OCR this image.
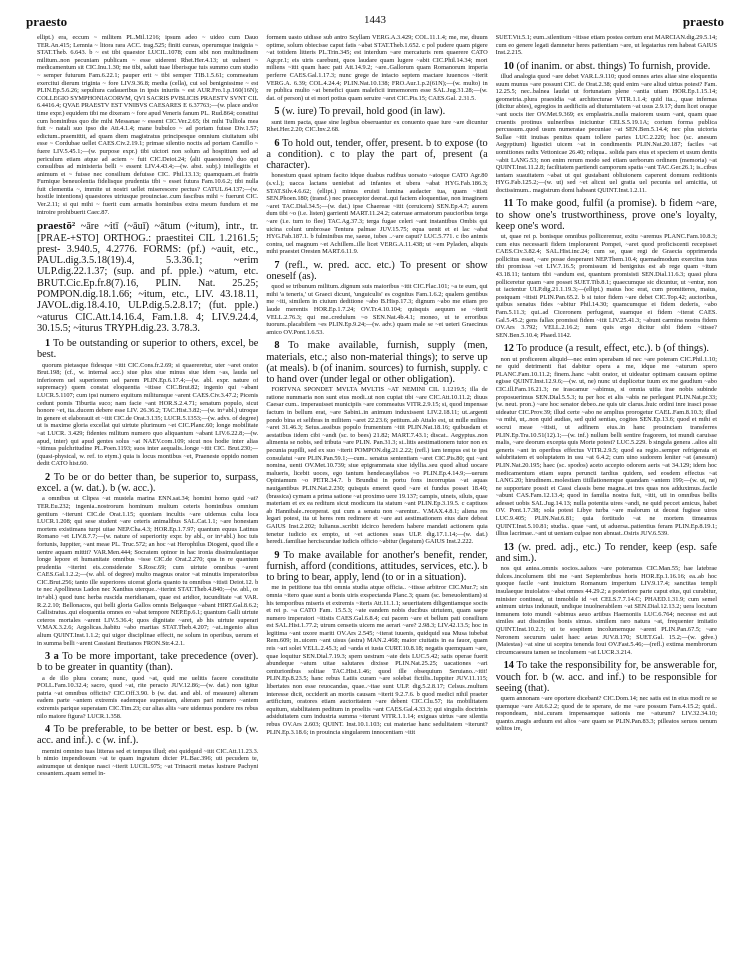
praesto	1443	praesto

ellipt.) era, eccum ~ militem PL.Mil.1216; ipsum adeo ~ uideo cum Dauo TER.An.415; Lemnia ~ litora rara ACC. trag.525; finiti cursus, operumque insignia ~ STAT.Theb. 6.643. b ~ est tibi quaestor LUCIL.1078; cum sibi non multitudinem militum..non pecuniam publicam ~ esse uiderent Rhet.Her.4.13; ut uulneri ~ medicamentum sit CIC.Inu.1.30; me tibi, saluti tuae liberisque tuis summo cum studio ~ semper futurum Fam.6.22.1; pauper erit ~ tibi semper TIB.1.5.61; commeatum exercitui dierum triginta ~ fore LIV.9.36.8; media (cella), cui sol benignissime ~ est PLIN.Ep.5.6.26; sepultura cadaueribus in ipsis iniuriis ~ est AUR.Fro.1.p.160(16N); COLLEGIO SYMPHONIACORVM, QVI SACRIS PVBLICIS PRAESTV SVNT CIL 6.4416.4; QVAE PRAESTV EST VNIBVS CAESARES E 6.37763;—(w. place and/or time expr.) equidem tibi me dixeram ~ fore apud Veneris fanum PL. Rud.864; constitui cum hominibus quo die mihi Messanae ~ essent CIC.Ver.2.65; ibi mihi Tulliola mea fuit ~ natali suo ipso die Att.4.1.4; mane bubulco ~ ad portam fuisse Div.1.57; edictum..praemittit, ad quam diem magistratus principesque omnium ciuitatum sibi esse ~ Cordubae uellet CAES.Civ.2.19.1; primae silentio noctis ad portam Camillo ~ fuere LIV.5.45.1;—(w. purpose expr.) tibi uictori non solum ad hospitium sed ad periculum etiam atque ad aciem ~ fuit CIC.Deiot.24; ⟨alii quaestores⟩ duo qui consulibus ad ministeria belli ~ essent LIV.4.43.4;—(w. abst. subj.) intellegitis et animum ei ~ fuisse nec consilium defuisse CIC. Phil.13.13; quamquam..et fratris Furnique beneuolentia fidelisque prudentia tibi ~ esset futura Fam.10.6.2; tibi nulla fuit clementia ~, immite ut nostri uellet miserescere pectus? CATUL.64.137;—(w. hostile intentions) quaestores utriusque prouinciae..cum fascibus mihi ~ fuerunt CIC. Ver.2.11; si qui mihi ~ fuerit cum armatis hominibus extra meum fundum et me introire prohibuerit Caec.87.

praestō² ~āre ~itī (~āuī) ~ātum (~itum), intr., tr. [PRAE-+STO] ORTHOG.: praestitei CIL 1.2161.5; prest- 3.940.5, 4.2776. FORMS: (pf.) ~auit, etc., PAUL.dig.3.5.18(19).4, 5.3.36.1; ~erim ULP.dig.22.1.37; (sup. and pf. pple.) ~atum, etc. BRUT.Cic.Ep.fr.8(7).16, PLIN. Nat. 25.25; POMPON.dig.18.1.66; ~itum, etc., LIV. 43.18.11, JAVOL.dig.18.4.10, ULP.dig.5.2.8.17; (fut. pple.) ~aturus CIC.Att.14.16.4, Fam.1.8. 4; LIV.9.24.4, 30.15.5; ~iturus TRYPH.dig.23. 3.78.3.

1 To be outstanding or superior to others, excel, be best.

quorum pietasque fidesque ~itit CIC.Cons.fr.2.69; si quaereretur, uter ~aret orator Brut.198; (cf., w. internal acc.) siue plus siue minus siue idem ~as, lauda uel inferiorem uel superiorem uel parem PLIN.Ep.6.17.4;—(w. abl. expr. nature of supremacy) quem constat eloquentia ~itisse CIC.Brut.82; ingenio qui ~abant LUCR.5.1107; cum ipsi numero equitum militumque ~arent CAES.Civ.3.47.2; Picenis cedunt pomis Tiburtia suco; nam facie ~ant HOR.S.2.4.71; senatum populo, sicut honore ~et, ita..ducem debere esse LIV. 26.36.2; TAC.Hist.3.82;—(w. in+abl.) utroque in genere et elaborauit et ~itit CIC.de Orat.3.135; LUCR.5.1353;—(w. advs. of degree) ut is maxime gloria excellat qui uirtute plurimum ~et CIC.Planc.60; longe mobilitate ~at LUCR. 3.429; fidentes militum numero quo aliquantum ~abant LIV.6.22.8;—(w. apud, inter) qui apud gentes solus ~at NAEV.com.109; sicut nos hodie inter alias ~itimus pulchritudine PL.Poen.1193; suos inter aequalis..longe ~itit CIC. Brut.230;—(quasi-physical, w. ref. to etym.) quia is locus montibus ~et, Praeneste oppido nomen dedit CATO hist.60.

2 To be or do better than, be superior to, surpass, excel. a (w. dat.). b (w. acc.).

a omnibus ut Clipea ~at mustela marina ENN.sat.34; homini homo quid ~at? TER.Eu.232; ingenia..nostrorum hominum multum ceteris hominibus omnium gentium ~iterunt CIC.de Orat.1.15; quoniam incultis ~are uidemus culta loca LUCR.1.208; qui sese student ~are ceteris animalibus SAL.Cat.1.1; ~are honestam mortem existimans turpi uitae NEP.Cha.4.3; HOR.Ep.1.7.97; quantum equus Latinus Romano ~et LIV.8.7.7;—(w. nature of superiority expr. by abl., or in+abl.) hoc tuis fortunis, Iuppiter, ~ant meae PL. Truc.572; an hoc ~at Herophilus Diogeni, quod ille e uentre aquam mittit? VAR.Men.444; Socratem opinor in hac ironia dissimulantiaque longe lepore et humanitate omnibus ~isse CIC.de Orat.2.270; qua in re quantum prudentia ~iterint eis..considerate S.Rosc.69; cum uirtute omnibus ~arent CAES.Gal.1.2.2;—(w. abl. of degree) multo magnus orator ~at minutis imperatoribus CIC.Brut.256; tanto ille superiores uicerat gloria quanto tu omnibus ~itisti Deiot.12. b te nec Apollineus Ladon nec Xanthus uterque..~iterint STAT.Theb.4.840;—(w. abl., or in+abl.) quod tunc herba ruscida meridianam, quae est aridior, iucunditate ~at VAR. R.2.2.10; Bellonacos, qui belli gloria Gallos omnis Belgasque ~abant HIRT.Gal.8.6.2; Callistratus..qui eloquentia omnes eo ~abat tempore NEP.Ep.6.1; quantum Galli uirtute ceteros mortales ~arent LIV.5.36.4; quos dignitate ~aret, ab his uirtute superari V.MAX.3.2.6; Argolicas..habitu ~abo maritas STAT.Theb.4.207; ~at..ingenio alius alium QUINT.Inst.1.1.2; qui uigor disciplinae effecit, ne solum in operibus, uerum et in summa belli ~arent Cassiani Brutianos FRON.Str.4.2.1.

3 a To be more important, take precedence (over). b to be greater in quantity (than).

a de illo plura coram; nunc, quod ~at, quid me uelitis facere constituite POLL.Fam.10.32.4; sacro, quod ~at, rite peracto JUV.12.86;—(w. dat.) non igitur patria ~at omnibus officiis? CIC.Off.3.90. b (w. dat. and abl. of measure) alteram eadem parte ~antem extremis eademque superatam, alteram pari numero ~antem extremis parique superatam CIC.Tim.23; cur alias aliis ~are uidemus pondere res rebus nilo maiore figura? LUCR.1.358.

4 To be preferable, to be better or best. esp. b (w. acc. and inf.). c (w. inf.).

memini omnino tuas litteras sed et tempus illud; etsi quidquid ~itit CIC.Att.11.23.3. b nimio impendiosum ~at te quam ingratum dicier PL.Bac.396; uti pecudem te, asinumque ut denique nasci ~iterit LUCIL.975; ~at Trinacrii metas lustrare Pachyni cessantem..quam semel in-

formem uasto uidisse sub antro Scyllam VERG.A.3.429; COL.11.1.4; me, me, diuum optime, solum obiecisse caput fatis ~abat STAT.Theb.1.652. c pol pudere quam pigere ~at totidem litteris PL.Trin.345; est interdum ~are mercaturis rem quaerere CATO Agr.pr.1; eis uiris carebunt, quos laudare quam lugere ~abit CIC.Phil.14.34; mori miliens ~itit quam haec pati Att.14.9.2; ~are..Gallorum quam Romanorum imperia perferre CAES.Gal.1.17.3; nunc grege de intacto septem mactare iuuencos ~iterit VERG.A. 6.39; COL.4.24.4; PLIN.Nat.10.138; FRO.Aur.1.p.2(61N);—(w. multo) in re publica multo ~at benefici quam maleficii inmemorem esse SAL.Jug.31.28;—(w. dat. of person) ut ei mori potius quam seruire ~aret CIC.Pis.15; CAES.Gal. 2.31.5.

5 (w. iure) To prevail, hold good (in law).

sunt item pacta, quae sine legibus obseruantur ex conuento quae iure ~are dicuntur Rhet.Her.2.20; CIC.Inv.2.68.

6 To hold out, tender, offer, present. b to expose (to a condition). c to play the part of, present (a character).

honestum quasi spiram facito idque duabus rudibus uorsato ~atoque CATO Agr.80 (s.v.l.); uacca lactans ueniebat ad infantes et ubera ~abat HYG.Fab.186.3; STAT.Silv.4.6.62; (ellipt.) minus eruisti lumina audacter tua, quam ~itisti SEN.Phoen.180; (transf.) nec praeceptor deerat..qui faciem eloquentiae, non imaginem ~aret TAC.Dial.34.5;—(w. dat.) ipse Chaereae ~itit (ceruicem) SEN.Ep.4.7; aurem dum tibi ~o (i.e. listen) garrienti MART.11.24.2; cateruae armatorum paucioribus terga ~are (i.e. turn to flee) TAC.Ag.37.3; terga fugae celeri ~ant instantibus Ombis qui uicina colunt umbrosae Tentura palmae JUV.15.75; equa uenit et ei lac ~abat HYG.Fab.187.1. b fulminibus me, saeue, iubes ..~are caput? LUC.5.771. c ibo animis contra, uel magnum ~et Achillem..ille licet VERG.A.11.438; ut ~em Pyladen, aliquis mihi praestet Oresten MART.6.11.9.

7 (refl., w. pred. acc. etc.) To present or show oneself (as).

quod se tribunum militum..dignum suis maioribus ~itit CIC.Flac.101; ~a te eum, qui mihi 'a teneris,' ut Graeci dicunt, 'unguiculis' es cognitus Fam.1.6.2; qualem gentibus me ~iti, similem in ciuium deditione ~abo B.Hisp.17.3; dignum ~abo me etiam pro laude merentis HOR.Ep.1.7.24; OV.Tr.4.10.104; quisquis aequum se ~iterit VELL.2.76.3; qui me..credulum ~o SEN.Nat.4b.4.1; moneo, ut te erroribus tuorum..placabilem ~es PLIN.Ep.9.24;—(w. adv.) quam male se ~et ueteri Graecinus amico OV.Pont.1.6.53.

8 To make available, furnish, supply (men, materials, etc.; also non-material things); to serve up (at meals). b (of inanim. sources) to furnish, supply. c to hand over (under legal or other obligation).

FORTVNA SPONDET MVLTA MVLTIS ~AT NEMINI CIL 1.1219.5; illa de ratione nummaria non sunt eius modi..ut non cupiat tibi ~are CIC.Att.10.11.2; diuus Caesar cum.. imperauisset municipiis ~are commeatus VITR.2.9.15; si, quod impensae factum in bellum erat, ~are Sabini..in animum induxissent LIV.2.18.11; ut..argenti pondo bina et selibras in militem ~aret 22.23.6; petitum..ab Attalo est, ut mille milites ~aret 31.46.3; Seius..assibus populo frumentum ~itit PLIN.Nat.18.16; quibusdam et aestatibus iidem cibi ~andi (sc. to bees) 21.82; MART.7.43.1; discat.. Aegyptus..non alimenta se nobis, sed tributa ~are PLIN. Pan.31.3; si..litis aestimationem tutor non ex pecunia pupilli, sed ex suo ~iterit POMPON.dig.21.2.22; (refl.) iam tempus est te ipsi consulatui ~are PLIN.Pan.59.1;—cum.. senatus sententiam ~aret CIC.Pis.80; qui ~ant nomina, uenti OV.Met.10.739; siue epigrammata siue idyllia..seu quod aliud uocare malueris, licebit uoces, ego tantum hendecasyllabos ~o PLIN.Ep.4.14.9;—uerum Opiniamum ~o PETR.34.7. b Brundisi in portu fons incorruptas ~at aquas nauigantibus PLIN.Nat.2.230; quisquis emeret quod ~are ei fundus posset 18.40; (brassica) cymam a prima satione ~at proximo uere 19.137; campis, uineis, siluis, quae materiam et ex ea reditum sicut modicum ita statum ~ant PLIN.Ep.3.19.5. c captiuos ab Hannibale..receperat. qui cum a senatu non ~arentur.. V.MAX.4.8.1; aliena res legari potest, ita ut heres rem redimere et ~are aut aestimationem eius dare debeat GAIUS Inst.2.202; Iulianus..scribit idcirco heredem habere mandati actionem quia tenetur iudicio ex empto, ut ~et actiones suas ULP. dig.17.1.14;—(w. dat.) heredi..familiae herciscundae iudicis officio ~abitur (legatum) GAIUS Inst.2.222.

9 To make available for another's benefit, render, furnish, afford (conditions, attitudes, services, etc.). b to bring to bear, apply, lend (to or in a situation).

me in petitione tua tibi omnia studia atque officia.. ~itisse arbitror CIC.Mur.7; sin omnia ~itero quae sunt a bonis uiris exspectanda Planc.3; quam (sc. beneuolentiam) si his temporibus miseris et extremis ~iteris Att.11.1.1; seueritatem diligentiamque sociis et rei p. ~a CATO Fam. 15.5.3; ~ate eandem nobis ducibus uirtutem, quam saepe numero imperatori ~itistis CAES.Gal.6.8.4; cui pacem ~are et bellum pati consilium est SAL.Hist.1.77.2; utrum censetis uicem me aerari ~are? 2.98.3; LIV.42.13.5; hoc in legitima ~ant uxore mariti OV.Ars 2.545; ~iterat iuuenis, quidquid sua Musa iubebat Rem.609; in..uicem ~ant uisus (astra) MAN.2.468; maior ciuitatis in ea fauor, quam reis ~ari solet VELL.2.45.3; ad ~anda ei iusta CURT.10.8.18; negatis quemquam ~are, quae loquitur SEN.Dial.7.19.3; spem uestram ~ate deis LUC.5.42; satis operae fuerit abundeque ~atum uitae salutares dixisse PLIN.Nat.25.25; uacationes ~ari centurionibus solitae TAC.Hist.1.46; quod ille obsequium Seruiano..~itit! PLIN.Ep.8.23.5; hanc rebus Latiis curam ~are solebat fictilis..Iuppiter JUV.11.115; libertates non esse reuocandas, quae..~itae sunt ULP. dig.5.2.8.17; Celsus..multum interesse dicit, occiderit an mortis causam ~iterit 9.2.7.6. b quod medici nihil praeter artificium, oratores etiam auctoritatem ~are debent CIC.Clu.57; ita mobilitatem equitum, stabilitatem peditum in proeliis ~ant CAES.Gal.4.33.3; qui singulis doctrinis adsiduitatem cum industria summa ~iterunt VITR.1.1.14; exiguas uirtus ~are silentia rebus OV.Ars 2.603; QUINT. Inst.10.1.103; cui materiae hanc sedulitatem ~iterunt? PLIN.Ep.3.18.6; in prouincia singularem innocentiam ~itit

SUET.Vit.5.1; eum..silentium ~itisse etiam postea certum erat MARCIAN.dig.29.5.14; cum eo genere legati damnetur heres patientiam ~are, ut legatarius rem habeat GAIUS Inst.2.215.

10 (of inanim. or abst. things) To furnish, provide.

illud analogia quod ~are debet VAR.L.9.110; quod omnes artes aliae sine eloquentia suum munus ~are possunt CIC. de Orat.2.38; quid enim ~are aliud uirtus potest? Fam. 12.25.5; nec..balnea laudat ut fortunatam plene ~antia uitam HOR.Ep.1.15.14; geometria..plura praesidia ~at architecturae VITR.1.1.4; quid ita.., quae infernas (dicitur abies), egregios in aedificiis ad diuturnitatem ~at usus 2.9.17; dum licet oraque ~ant uocis iter OV.Met.9.369; ex emplastris..nulla maiorem usum ~ant, quam quae cruentis protinus uulneribus iniciuntur CELS.5.19.1A; corium forma publica percussum..quod usum numeratae pecuniae ~at SEN.Ben.5.14.4; nec plus uictoria Sullae ~itit inuisas penitus quam tollere partes LUC.2.220; hoc (sc. anesum Aegyptium) ligustici uicem ~at in condimentis PLIN.Nat.20.187; faciles ~at uomitiones radix Vettonicae 26.40; reliqua.. solida pars eius et speciem et usum dentis ~abit LANG.53; non enim rerum modo sed etiam uerborum ordinem (memoria) ~at QUINT.Inst.11.2.8; facilitatem partiendi camporum spatia ~ant TAC.Ger.26.1; is..cibus tantam suauitatem ~abat ut qui gustabant obliuionem caperent domum reditionis HYG.Fab.125.2;—(w. ut) sed ~et alicui uel gratia uel pecunia uel amicitia, ut doctissimum.. magistrum domi habeant QUINT.Inst.1.2.11.

11 To make good, fulfil (a promise). b fidem ~are, to show one's trustworthiness, prove one's loyalty, keep one's word.

ut, quae rei p. bonisque omnibus polliceremur, exitu ~aremus PLANC.Fam.10.8.3; cum eius necessarii fidem implorarent Pompei, ~aret quod proficiscenti recepisset CAES.Civ.3.82.4; SAL.Hist.inc.24; cum se, quae regi de Graecia opprimenda pollicitus esset, ~are posse desperaret NEP.Them.10.4; quemadmodum exercitus tuus tibi promissa ~et LIV.7.16.5; promissum id benignius est ab rege quam ~itum 43.18.11; tantum tibi ~andum est, quantum promisisti SEN.Dial.11.6.3; quasi plura polliceretur quam ~are posset SUET.Tib.8.1; quaecumque sic dicuntur, ut ~entur, non ut iactentur ULP.dig.21.1.19.3;—(ellipt.) maius hoc erat, cum promitteres, maius, postquam ~itisti PLIN.Pan.65.2. b si tutor fidem ~are debet CIC.Top.42; auctoribus, quibus senatus fides ~abitur Phil.14.30; quamcumque ei fidem dederis, ~abo Fam.5.11.3; qui..ad Ciceronem perfugerat, suamque ei fidem ~iterat CAES. Gal.5.45.2; gens fallax promissi fidem ~itit LIV.25.41.3; ~abunt carmina nostra fidem OV.Ars 3.792; VELL.2.16.2; num quis ergo dicitur sibi fidem ~itisse? SEN.Ben.5.10.4; Phaed.1142.

12 To produce (a result, effect, etc.). b (of things).

non ut proficerem aliquid—nec enim sperabam id nec ~are poteram CIC.Phil.1.10; ne quid detrimenti fiat dabitur opera a me, idque me ~aturum spero PLANC.Fam.10.11.2; finem..hanc ~abit orator, ut uideatur optimam causam optime egisse QUINT.Inst.12.9.6;—(w. ut, ne) nunc ut duplicetur tuum ex me gaudium ~abo CIC.ill.Fam.16.21.3; ne irascamur ~abimus, si omnia uitia irae nobis subinde proposuerimus SEN.Dial.5.5.3; tu per hoc et alis ~abis ne perlegant PLIN.Nat.pr.33; (w. neut. pron.) ~are hoc senator debeo..ne quis uir clarus..huic ordini inre irasci posse uideatur CIC.Prov.39; illud certe ~abo ne amplius prorogetur CAEL.Fam.8.10.3; illud ~a mihi, ut,..non quid audias, sed quid sentias, cogites SEN.Ep.13.6; quod et mihi et socrui meae ~itisti, ut adfinem eius..in hanc prouinciam transferres PLIN.Ep.Tra.10.51(12).1;—(w. inf.) nullum belli sentire fragorem, tot mundi caruisse malis, ~are deorum excepta quis Morte potest? LUC.5.229. b singula genera ..alios alii generis ~ant in operibus effectus VITR.2.9.5; quod ea regio..semper refrigerata et salubritatem et uoluptatem in usu ~at 6.4.2; cum uino sudorem leniter ~at (anesum) PLIN.Nat.20.195; haec (sc. spodos) aceto accepto odorem aeris ~at 34.129; idem hoc medicamentum etiam supra peruncti tardius quidem, sed eosdem effectus ~at LANG.20; hirudinem..molestiam titillationemque quandam ~antem 199;—(w. ut, ne) ne supportare possit et Cassi classis bene magna..et tres quas nos adduximus..facile ~abunt CAS.Fam.12.13.4; quod in familia nostra fuit, ~itit, uti in omnibus bellis adesset uobis SAL.Jug.14.13; nulla potentia uires ~andi, ne quid peccet amicus, habet OV. Pont.1.7.38; sola potest Libye turba ~are malorum ut deceat fugisse uiros LUC.9.405; PLIN.Nat.6.81; quia fortitudo ~at ne mortem timeamus QUINT.Inst.5.10.81; studia.. quae ~ant, ut aduersa..patientius feram PLIN.Ep.8.19.1; illius lacrimae..~ant ut ueniam culpae non abnuat..Osiris JUV.6.539.

13 (w. pred. adj., etc.) To render, keep (esp. safe and sim.).

nos qui antea..omnis socios..saluos ~are poteramus CIC.Man.55; hae latebrae dulces..incolumem tibi me ~ant Septembribus horis HOR.Ep.1.16.16; ea..ab hoc quoque facile ~ant inuictum Romanum imperium LIV.9.17.4; sanctitas templi insulaeque inuiolatos ~abat omnes 44.29.2; a posteriore parte caput eius, qui curabitur, minister contineat, ut inmobile id ~et CELS.7.7.14.C; PHAED.1.31.9; cum semel animum uirtus indurauit, undique inuolnerabilem ~at SEN.Dial.12.13.2; uera locutum inmunem toto mundi ~abimus aeuo artibus Haemoniis LUC.6.764; necesse est aut similes aut dissimiles bonis simus. similem raro natura ~at, frequenter imitatio QUINT.Inst.10.2.3; ut te sospitem incolumemque ~arent PLIN.Pan.67.5; ~are Neronem securum ualet haec aetas JUV.8.170; SUET.Gal. 15.2;—(w. gdve.) (Maiestas) ~at sine ui sceptra tenenda Ioui OV.Fast.5.46;—(refl.) extima membrorum circumcaesura tamen se incolumem ~at LUCR.3.214.

14 To take the responsibility for, be answerable for, vouch for. b (w. acc. and inf.) to be responsible for seeing (that).

quem annonam ~are oportere dicebant? CIC.Dom.14; nec satis est in eius modi re se quemque ~are Att.6.2.2; quod de te sperare, de me ~are possum Fam.4.15.2; quid.. respondeam, nisi..curam impensamque sationis me ~aturum? LIV.32.34.10; quanto..magis arduum est alios ~are quam se PLIN.Pan.83.3; pilleatos seruos uenum solitos ire,
